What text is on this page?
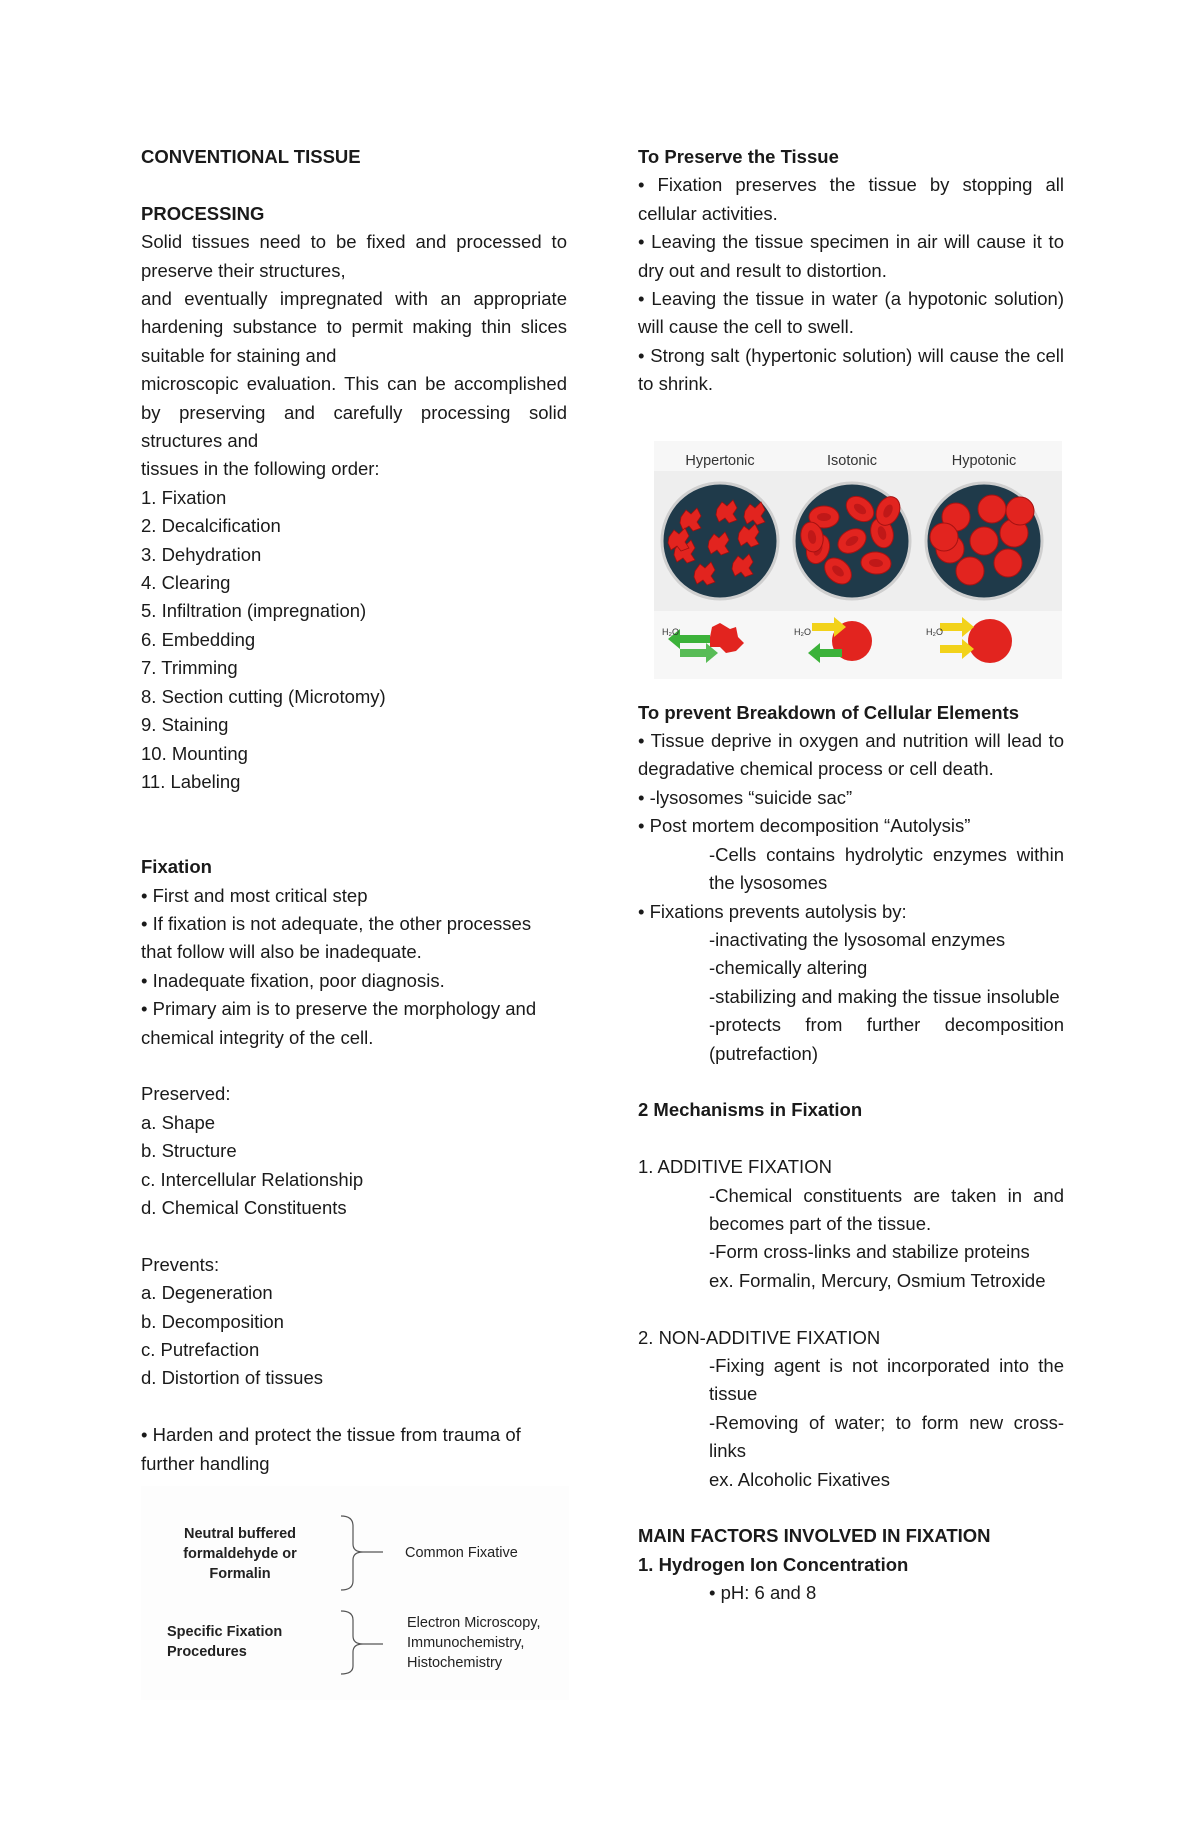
CONVENTIONAL TISSUE

PROCESSING

Solid tissues need to be fixed and processed to preserve their structures,

and eventually impregnated with an appropriate hardening substance to permit making thin slices suitable for staining and

microscopic evaluation. This can be accomplished by preserving and carefully processing solid structures and

tissues in the following order:

1. Fixation

2. Decalcification

3. Dehydration

4. Clearing

5. Infiltration (impregnation)

6. Embedding

7. Trimming

8. Section cutting (Microtomy)

9. Staining

10. Mounting

11. Labeling

Fixation

• First and most critical step

• If fixation is not adequate, the other processes that follow will also be inadequate.

• Inadequate fixation, poor diagnosis.

• Primary aim is to preserve the morphology and chemical integrity of the cell.

Preserved:

a. Shape

b. Structure

c. Intercellular Relationship

d. Chemical Constituents

Prevents:

a. Degeneration

b. Decomposition

c. Putrefaction

d. Distortion of tissues

• Harden and protect the tissue from trauma of further handling

Neutral buffered
formaldehyde or
Formalin
Common Fixative
Specific Fixation
Procedures
Electron Microscopy,
Immunochemistry,
Histochemistry

To Preserve the Tissue

• Fixation preserves the tissue by stopping all cellular activities.

• Leaving the tissue specimen in air will cause it to dry out and result to distortion.

• Leaving the tissue in water (a hypotonic solution) will cause the cell to swell.

• Strong salt (hypertonic solution) will cause the cell to shrink.

Hypertonic	Isotonic	Hypotonic
H₂O	H₂O	H₂O

To prevent Breakdown of Cellular Elements

• Tissue deprive in oxygen and nutrition will lead to degradative chemical process or cell death.

• -lysosomes “suicide sac”

• Post mortem decomposition “Autolysis”

-Cells contains hydrolytic enzymes within the lysosomes

• Fixations prevents autolysis by:

-inactivating the lysosomal enzymes

-chemically altering

-stabilizing and making the tissue insoluble

-protects from further decomposition (putrefaction)

2 Mechanisms in Fixation

1. ADDITIVE FIXATION

-Chemical constituents are taken in and becomes part of the tissue.

-Form cross-links and stabilize proteins

ex. Formalin, Mercury, Osmium Tetroxide

2. NON-ADDITIVE FIXATION

-Fixing agent is not incorporated into the tissue

-Removing of water; to form new cross-links

ex. Alcoholic Fixatives

MAIN FACTORS INVOLVED IN FIXATION

1. Hydrogen Ion Concentration

• pH: 6 and 8
